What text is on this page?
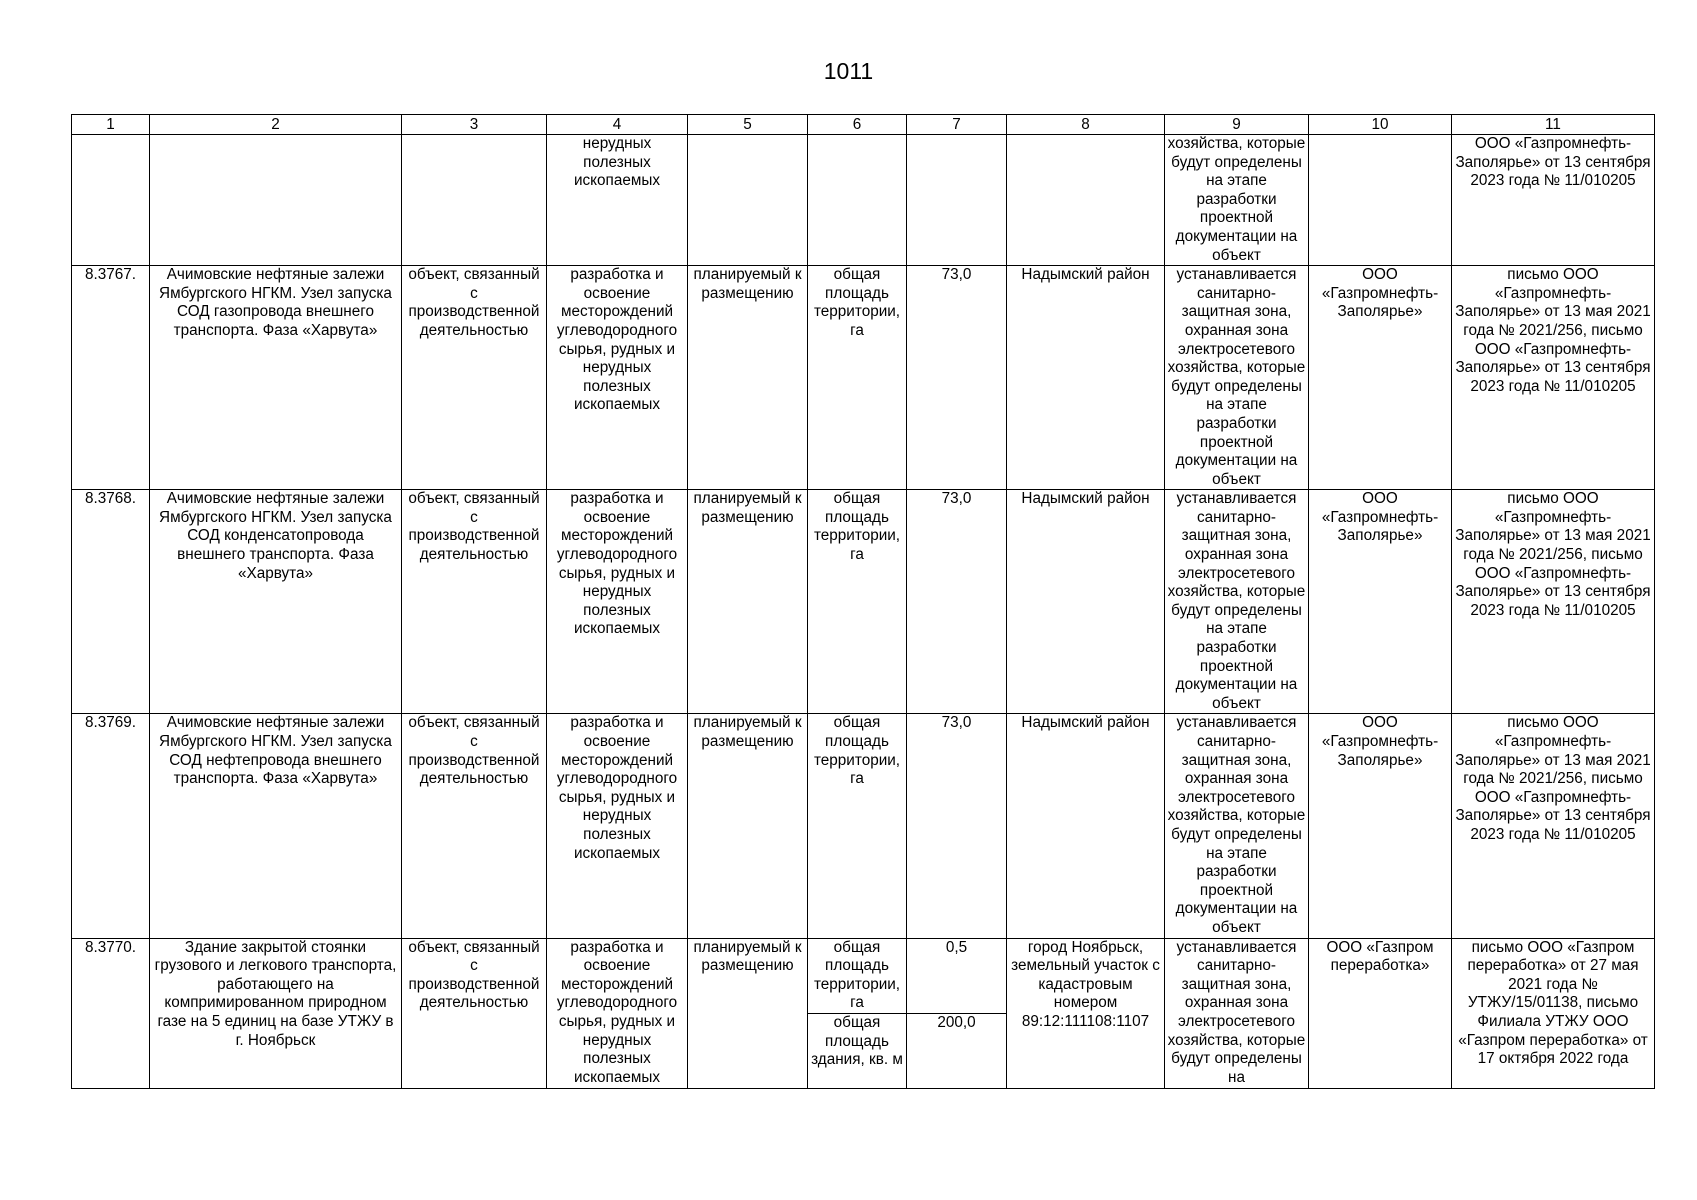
1011
1	2	3	4	5	6	7	8	9	10	11
			нерудных полезных ископаемых					хозяйства, которые будут определены на этапе разработки проектной документации на объект		ООО «Газпромнефть-Заполярье» от 13 сентября 2023 года № 11/010205
8.3767.	Ачимовские нефтяные залежи Ямбургского НГКМ. Узел запуска СОД газопровода внешнего транспорта. Фаза «Харвута»	объект, связанный с производственной деятельностью	разработка и освоение месторождений углеводородного сырья, рудных и нерудных полезных ископаемых	планируемый к размещению	общая площадь территории, га	73,0	Надымский район	устанавливается санитарно-защитная зона, охранная зона электросетевого хозяйства, которые будут определены на этапе разработки проектной документации на объект	ООО «Газпромнефть-Заполярье»	письмо ООО «Газпромнефть-Заполярье» от 13 мая 2021 года № 2021/256, письмо ООО «Газпромнефть-Заполярье» от 13 сентября 2023 года № 11/010205
8.3768.	Ачимовские нефтяные залежи Ямбургского НГКМ. Узел запуска СОД конденсатопровода внешнего транспорта. Фаза «Харвута»	объект, связанный с производственной деятельностью	разработка и освоение месторождений углеводородного сырья, рудных и нерудных полезных ископаемых	планируемый к размещению	общая площадь территории, га	73,0	Надымский район	устанавливается санитарно-защитная зона, охранная зона электросетевого хозяйства, которые будут определены на этапе разработки проектной документации на объект	ООО «Газпромнефть-Заполярье»	письмо ООО «Газпромнефть-Заполярье» от 13 мая 2021 года № 2021/256, письмо ООО «Газпромнефть-Заполярье» от 13 сентября 2023 года № 11/010205
8.3769.	Ачимовские нефтяные залежи Ямбургского НГКМ. Узел запуска СОД нефтепровода внешнего транспорта. Фаза «Харвута»	объект, связанный с производственной деятельностью	разработка и освоение месторождений углеводородного сырья, рудных и нерудных полезных ископаемых	планируемый к размещению	общая площадь территории, га	73,0	Надымский район	устанавливается санитарно-защитная зона, охранная зона электросетевого хозяйства, которые будут определены на этапе разработки проектной документации на объект	ООО «Газпромнефть-Заполярье»	письмо ООО «Газпромнефть-Заполярье» от 13 мая 2021 года № 2021/256, письмо ООО «Газпромнефть-Заполярье» от 13 сентября 2023 года № 11/010205
8.3770.	Здание закрытой стоянки грузового и легкового транспорта, работающего на компримированном природном газе на 5 единиц на базе УТЖУ в г. Ноябрьск	объект, связанный с производственной деятельностью	разработка и освоение месторождений углеводородного сырья, рудных и нерудных полезных ископаемых	планируемый к размещению	общая площадь территории, га	0,5	город Ноябрьск, земельный участок с кадастровым номером 89:12:111108:1107	устанавливается санитарно-защитная зона, охранная зона электросетевого хозяйства, которые будут определены на	ООО «Газпром переработка»	письмо ООО «Газпром переработка» от 27 мая 2021 года № УТЖУ/15/01138, письмо Филиала УТЖУ ООО «Газпром переработка» от 17 октября 2022 года
					общая площадь здания, кв. м	200,0				
